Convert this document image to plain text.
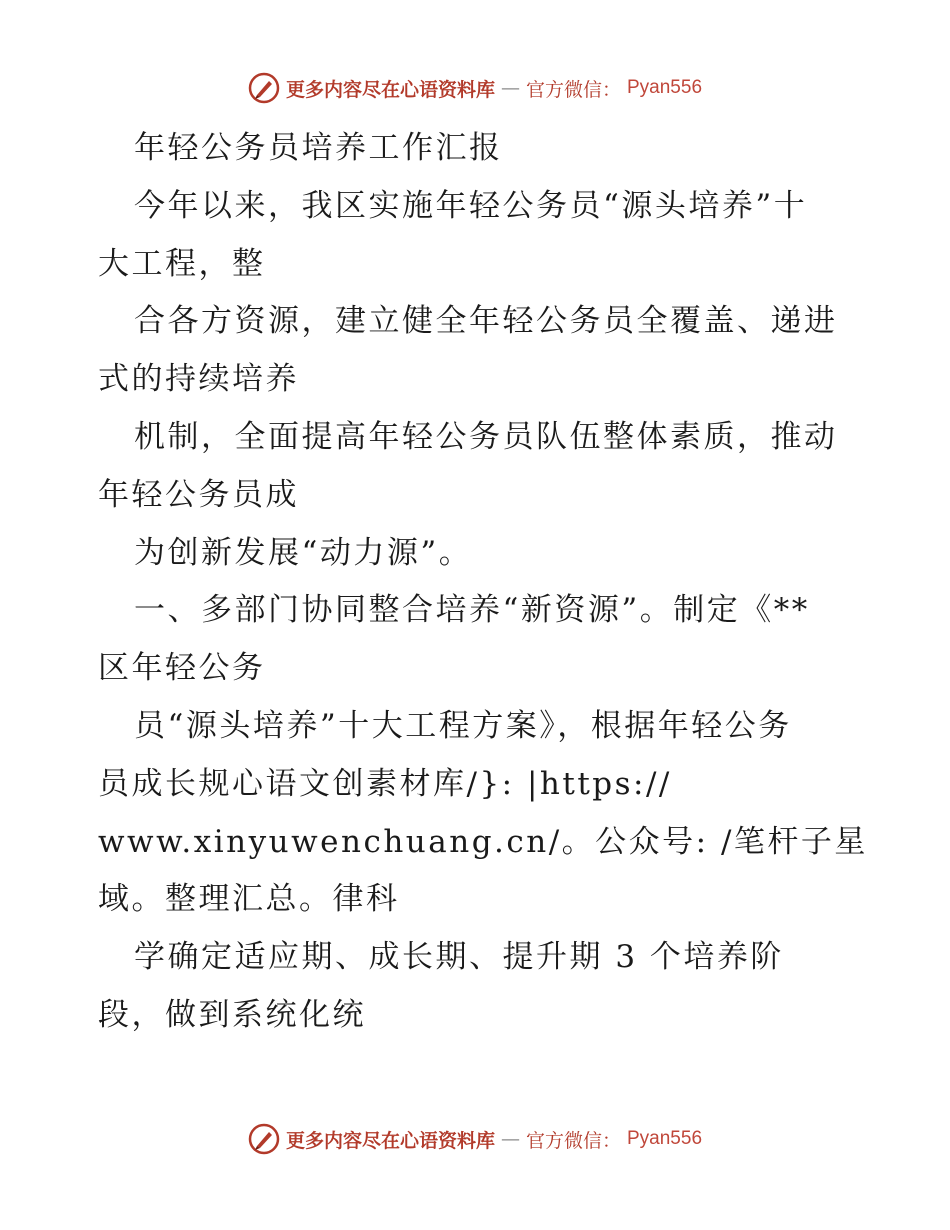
更多内容尽在心语资料库 — 官方微信： Pyan556
年轻公务员培养工作汇报
今年以来，我区实施年轻公务员“源头培养”十
大工程，整
合各方资源，建立健全年轻公务员全覆盖、递进
式的持续培养
机制，全面提高年轻公务员队伍整体素质，推动
年轻公务员成
为创新发展“动力源”。
一、多部门协同整合培养“新资源”。制定《**
区年轻公务
员“源头培养”十大工程方案》，根据年轻公务
员成长规心语文创素材库/}: |https://
www.xinyuwenchuang.cn/。公众号: /笔杆子星
域。整理汇总。律科
学确定适应期、成长期、提升期 3 个培养阶
段，做到系统化统
更多内容尽在心语资料库 — 官方微信： Pyan556
